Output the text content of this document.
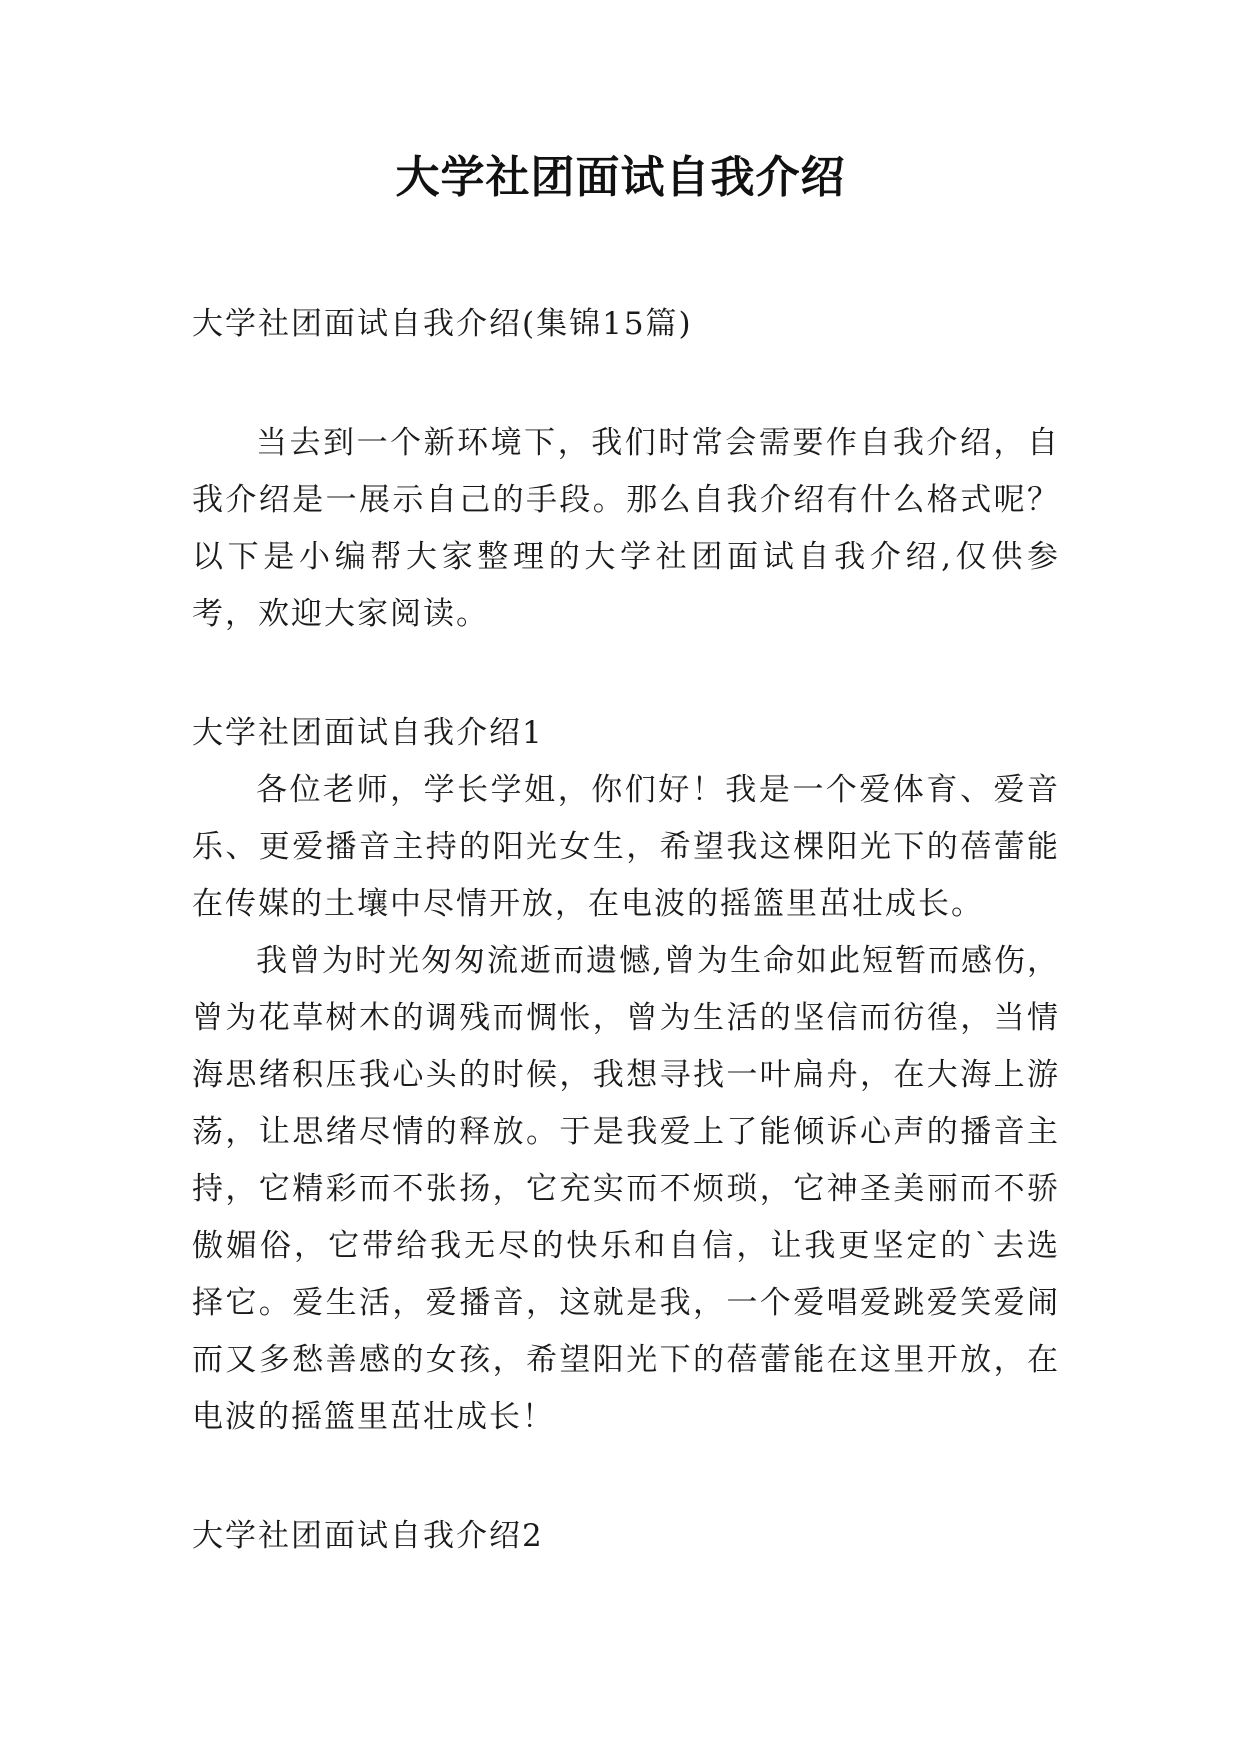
大学社团面试自我介绍

大学社团面试自我介绍(集锦15篇)

当去到一个新环境下，我们时常会需要作自我介绍，自我介绍是一展示自己的手段。那么自我介绍有什么格式呢？以下是小编帮大家整理的大学社团面试自我介绍,仅供参考，欢迎大家阅读。

大学社团面试自我介绍1

各位老师，学长学姐，你们好！我是一个爱体育、爱音乐、更爱播音主持的阳光女生，希望我这棵阳光下的蓓蕾能在传媒的土壤中尽情开放，在电波的摇篮里茁壮成长。

我曾为时光匆匆流逝而遗憾,曾为生命如此短暂而感伤，曾为花草树木的调残而惆怅，曾为生活的坚信而彷徨，当情海思绪积压我心头的时候，我想寻找一叶扁舟，在大海上游荡，让思绪尽情的释放。于是我爱上了能倾诉心声的播音主持，它精彩而不张扬，它充实而不烦琐，它神圣美丽而不骄傲媚俗，它带给我无尽的快乐和自信，让我更坚定的`去选择它。爱生活，爱播音，这就是我，一个爱唱爱跳爱笑爱闹而又多愁善感的女孩，希望阳光下的蓓蕾能在这里开放，在电波的摇篮里茁壮成长！

大学社团面试自我介绍2
